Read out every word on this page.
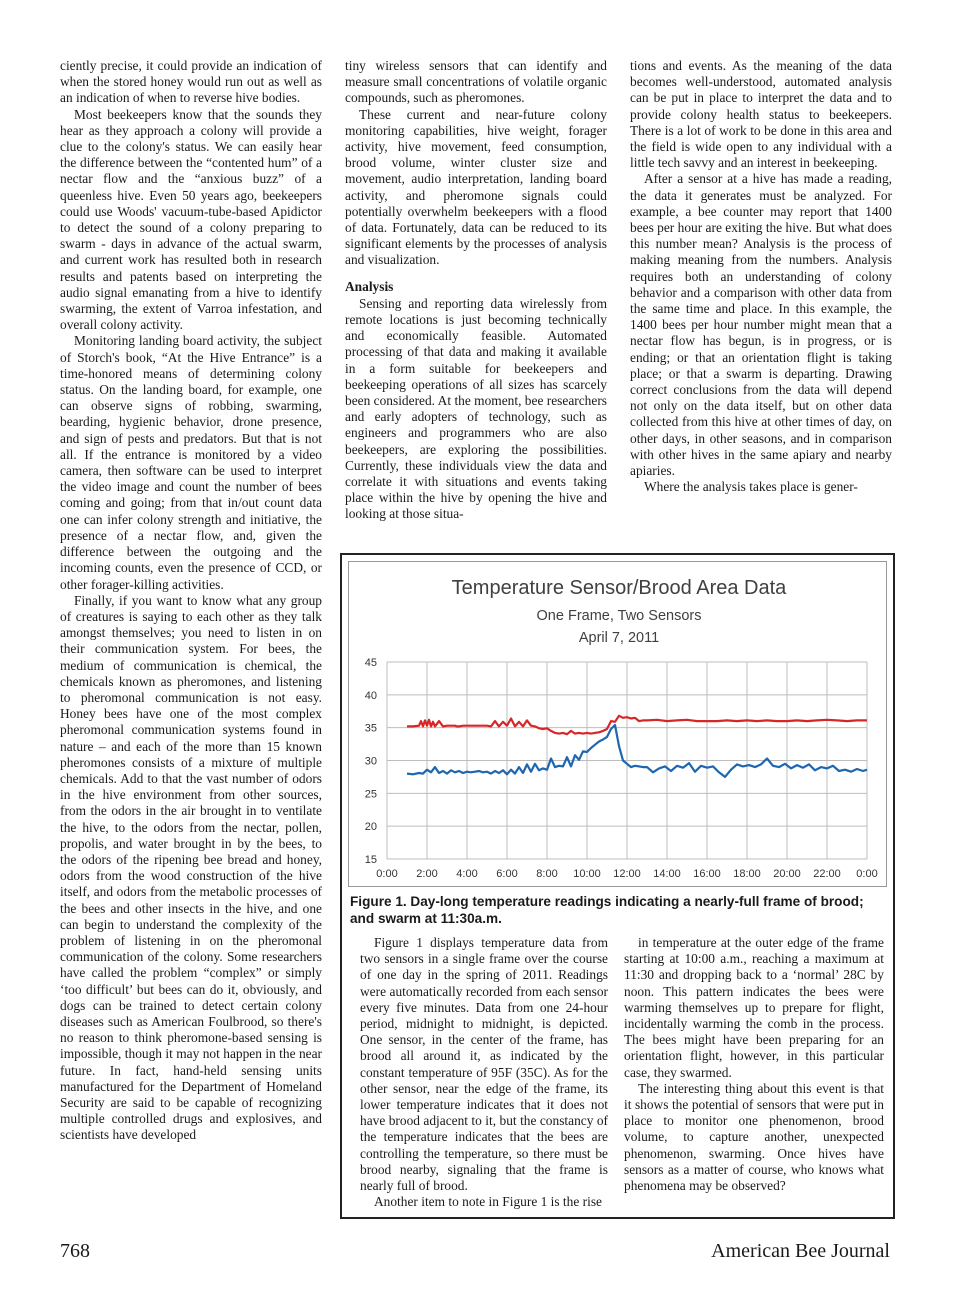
ciently precise, it could provide an indication of when the stored honey would run out as well as an indication of when to reverse hive bodies.

Most beekeepers know that the sounds they hear as they approach a colony will provide a clue to the colony's status. We can easily hear the difference between the “contented hum” of a nectar flow and the “anxious buzz” of a queenless hive. Even 50 years ago, beekeepers could use Woods' vacuum-tube-based Apidictor to detect the sound of a colony preparing to swarm - days in advance of the actual swarm, and current work has resulted both in research results and patents based on interpreting the audio signal emanating from a hive to identify swarming, the extent of Varroa infestation, and overall colony activity.

Monitoring landing board activity, the subject of Storch's book, “At the Hive Entrance” is a time-honored means of determining colony status. On the landing board, for example, one can observe signs of robbing, swarming, bearding, hygienic behavior, drone presence, and sign of pests and predators. But that is not all. If the entrance is monitored by a video camera, then software can be used to interpret the video image and count the number of bees coming and going; from that in/out count data one can infer colony strength and initiative, the presence of a nectar flow, and, given the difference between the outgoing and the incoming counts, even the presence of CCD, or other forager-killing activities.

Finally, if you want to know what any group of creatures is saying to each other as they talk amongst themselves; you need to listen in on their communication system. For bees, the medium of communication is chemical, the chemicals known as pheromones, and listening to pheromonal communication is not easy. Honey bees have one of the most complex pheromonal communication systems found in nature – and each of the more than 15 known pheromones consists of a mixture of multiple chemicals. Add to that the vast number of odors in the hive environment from other sources, from the odors in the air brought in to ventilate the hive, to the odors from the nectar, pollen, propolis, and water brought in by the bees, to the odors of the ripening bee bread and honey, odors from the wood construction of the hive itself, and odors from the metabolic processes of the bees and other insects in the hive, and one can begin to understand the complexity of the problem of listening in on the pheromonal communication of the colony. Some researchers have called the problem “complex” or simply ‘too difficult’ but bees can do it, obviously, and dogs can be trained to detect certain colony diseases such as American Foulbrood, so there's no reason to think pheromone-based sensing is impossible, though it may not happen in the near future. In fact, hand-held sensing units manufactured for the Department of Homeland Security are said to be capable of recognizing multiple controlled drugs and explosives, and scientists have developed

tiny wireless sensors that can identify and measure small concentrations of volatile organic compounds, such as pheromones.

These current and near-future colony monitoring capabilities, hive weight, forager activity, hive movement, feed consumption, brood volume, winter cluster size and movement, audio interpretation, landing board activity, and pheromone signals could potentially overwhelm beekeepers with a flood of data. Fortunately, data can be reduced to its significant elements by the processes of analysis and visualization.

Analysis

Sensing and reporting data wirelessly from remote locations is just becoming technically and economically feasible. Automated processing of that data and making it available in a form suitable for beekeepers and beekeeping operations of all sizes has scarcely been considered. At the moment, bee researchers and early adopters of technology, such as engineers and programmers who are also beekeepers, are exploring the possibilities. Currently, these individuals view the data and correlate it with situations and events taking place within the hive by opening the hive and looking at those situa-

tions and events. As the meaning of the data becomes well-understood, automated analysis can be put in place to interpret the data and to provide colony health status to beekeepers. There is a lot of work to be done in this area and the field is wide open to any individual with a little tech savvy and an interest in beekeeping.

After a sensor at a hive has made a reading, the data it generates must be analyzed. For example, a bee counter may report that 1400 bees per hour are exiting the hive. But what does this number mean? Analysis is the process of making meaning from the numbers. Analysis requires both an understanding of colony behavior and a comparison with other data from the same time and place. In this example, the 1400 bees per hour number might mean that a nectar flow has begun, is in progress, or is ending; or that an orientation flight is taking place; or that a swarm is departing. Drawing correct conclusions from the data will depend not only on the data itself, but on other data collected from this hive at other times of day, on other days, in other seasons, and in comparison with other hives in the same apiary and nearby apiaries.

Where the analysis takes place is gener-

Temperature Sensor/Brood Area Data
One Frame, Two Sensors
April 7, 2011
15
20
25
30
35
40
45
0:00 2:00 4:00 6:00 8:00 10:00 12:00 14:00 16:00 18:00 20:00 22:00 0:00
Figure 1. Day-long temperature readings indicating a nearly-full frame of brood; and swarm at 11:30a.m.

Figure 1 displays temperature data from two sensors in a single frame over the course of one day in the spring of 2011. Readings were automatically recorded from each sensor every five minutes. Data from one 24-hour period, midnight to midnight, is depicted. One sensor, in the center of the frame, has brood all around it, as indicated by the constant temperature of 95F (35C). As for the other sensor, near the edge of the frame, its lower temperature indicates that it does not have brood adjacent to it, but the constancy of the temperature indicates that the bees are controlling the temperature, so there must be brood nearby, signaling that the frame is nearly full of brood.

Another item to note in Figure 1 is the rise

in temperature at the outer edge of the frame starting at 10:00 a.m., reaching a maximum at 11:30 and dropping back to a ‘normal’ 28C by noon. This pattern indicates the bees were warming themselves up to prepare for flight, incidentally warming the comb in the process. The bees might have been preparing for an orientation flight, however, in this particular case, they swarmed.

The interesting thing about this event is that it shows the potential of sensors that were put in place to monitor one phenomenon, brood volume, to capture another, unexpected phenomenon, swarming. Once hives have sensors as a matter of course, who knows what phenomena may be observed?

768	American Bee Journal
